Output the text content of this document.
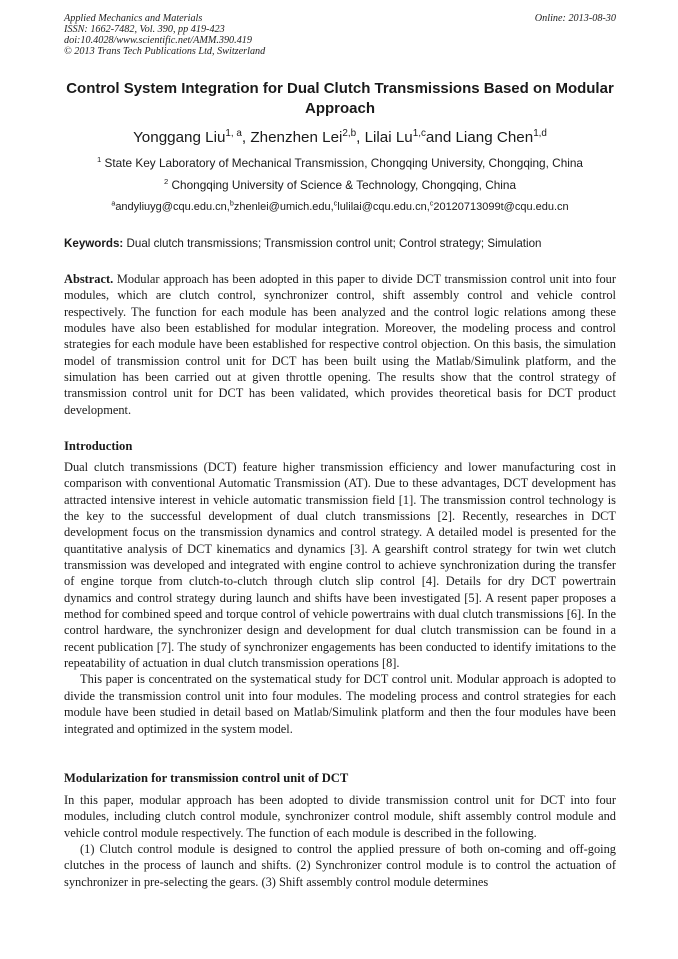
Applied Mechanics and Materials
ISSN: 1662-7482, Vol. 390, pp 419-423
doi:10.4028/www.scientific.net/AMM.390.419
© 2013 Trans Tech Publications Ltd, Switzerland
Online: 2013-08-30
Control System Integration for Dual Clutch Transmissions Based on Modular Approach
Yonggang Liu$^{1, a}$, Zhenzhen Lei$^{2,b}$, Lilai Lu$^{1,c}$and Liang Chen$^{1,d}$
$^1$ State Key Laboratory of Mechanical Transmission, Chongqing University, Chongqing, China
$^2$ Chongqing University of Science & Technology, Chongqing, China
$^a$andyliuyg@cqu.edu.cn,$^b$zhenlei@umich.edu,$^c$lulilai@cqu.edu.cn,$^c$20120713099t@cqu.edu.cn
Keywords: Dual clutch transmissions; Transmission control unit; Control strategy; Simulation

Abstract. Modular approach has been adopted in this paper to divide DCT transmission control unit into four modules, which are clutch control, synchronizer control, shift assembly control and vehicle control respectively. The function for each module has been analyzed and the control logic relations among these modules have also been established for modular integration. Moreover, the modeling process and control strategies for each module have been established for respective control objection. On this basis, the simulation model of transmission control unit for DCT has been built using the Matlab/Simulink platform, and the simulation has been carried out at given throttle opening. The results show that the control strategy of transmission control unit for DCT has been validated, which provides theoretical basis for DCT product development.

Introduction

Dual clutch transmissions (DCT) feature higher transmission efficiency and lower manufacturing cost in comparison with conventional Automatic Transmission (AT). Due to these advantages, DCT development has attracted intensive interest in vehicle automatic transmission field [1]. The transmission control technology is the key to the successful development of dual clutch transmissions [2]. Recently, researches in DCT development focus on the transmission dynamics and control strategy. A detailed model is presented for the quantitative analysis of DCT kinematics and dynamics [3]. A gearshift control strategy for twin wet clutch transmission was developed and integrated with engine control to achieve synchronization during the transfer of engine torque from clutch-to-clutch through clutch slip control [4]. Details for dry DCT powertrain dynamics and control strategy during launch and shifts have been investigated [5]. A resent paper proposes a method for combined speed and torque control of vehicle powertrains with dual clutch transmissions [6]. In the control hardware, the synchronizer design and development for dual clutch transmission can be found in a recent publication [7]. The study of synchronizer engagements has been conducted to identify imitations to the repeatability of actuation in dual clutch transmission operations [8].

This paper is concentrated on the systematical study for DCT control unit. Modular approach is adopted to divide the transmission control unit into four modules. The modeling process and control strategies for each module have been studied in detail based on Matlab/Simulink platform and then the four modules have been integrated and optimized in the system model.

Modularization for transmission control unit of DCT

In this paper, modular approach has been adopted to divide transmission control unit for DCT into four modules, including clutch control module, synchronizer control module, shift assembly control module and vehicle control module respectively. The function of each module is described in the following.

(1) Clutch control module is designed to control the applied pressure of both on-coming and off-going clutches in the process of launch and shifts. (2) Synchronizer control module is to control the actuation of synchronizer in pre-selecting the gears. (3) Shift assembly control module determines
